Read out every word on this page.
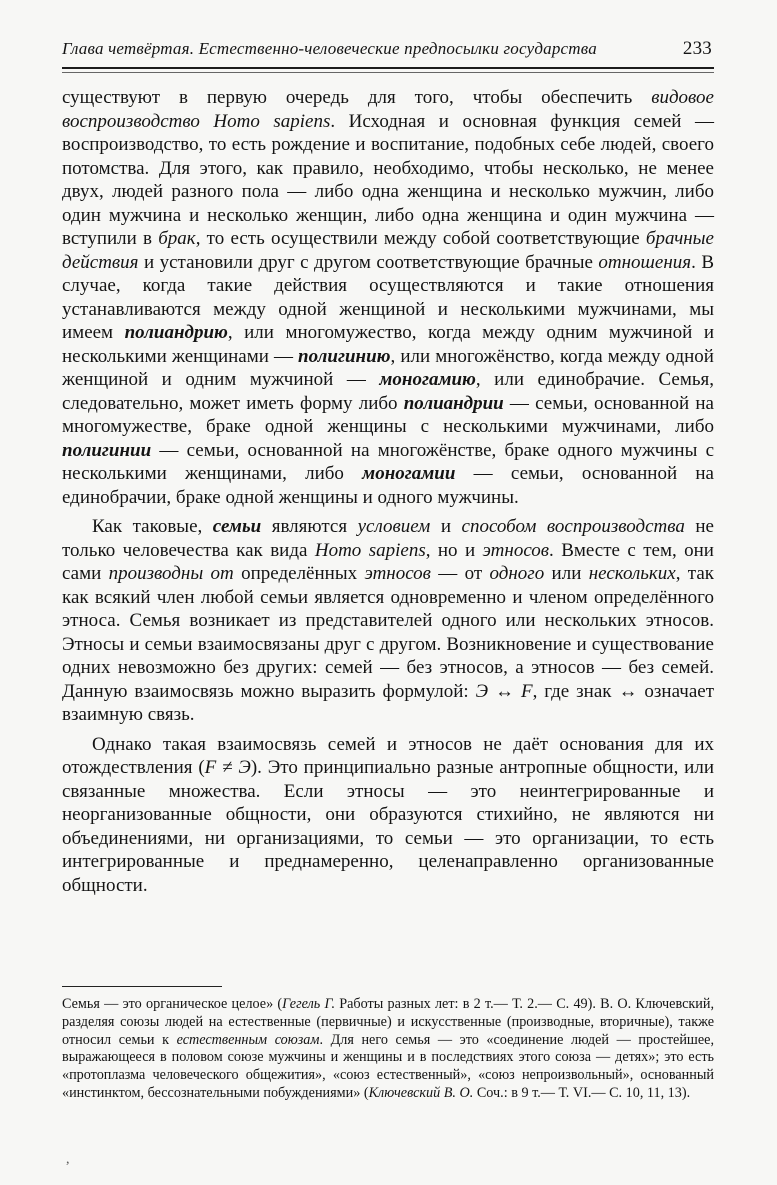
Глава четвёртая. Естественно-человеческие предпосылки государства	233

существуют в первую очередь для того, чтобы обеспечить видовое воспроизводство Homo sapiens. Исходная и основная функция семей — воспроизводство, то есть рождение и воспитание, подобных себе людей, своего потомства. Для этого, как правило, необходимо, чтобы несколько, не менее двух, людей разного пола — либо одна женщина и несколько мужчин, либо один мужчина и несколько женщин, либо одна женщина и один мужчина — вступили в брак, то есть осуществили между собой соответствующие брачные действия и установили друг с другом соответствующие брачные отношения. В случае, когда такие действия осуществляются и такие отношения устанавливаются между одной женщиной и несколькими мужчинами, мы имеем полиандрию, или многомужество, когда между одним мужчиной и несколькими женщинами — полигинию, или многожёнство, когда между одной женщиной и одним мужчиной — моногамию, или единобрачие. Семья, следовательно, может иметь форму либо полиандрии — семьи, основанной на многомужестве, браке одной женщины с несколькими мужчинами, либо полигинии — семьи, основанной на многожёнстве, браке одного мужчины с несколькими женщинами, либо моногамии — семьи, основанной на единобрачии, браке одной женщины и одного мужчины.

Как таковые, семьи являются условием и способом воспроизводства не только человечества как вида Homo sapiens, но и этносов. Вместе с тем, они сами производны от определённых этносов — от одного или нескольких, так как всякий член любой семьи является одновременно и членом определённого этноса. Семья возникает из представителей одного или нескольких этносов. Этносы и семьи взаимосвязаны друг с другом. Возникновение и существование одних невозможно без других: семей — без этносов, а этносов — без семей. Данную взаимосвязь можно выразить формулой: Э ↔ F, где знак ↔ означает взаимную связь.

Однако такая взаимосвязь семей и этносов не даёт основания для их отождествления (F ≠ Э). Это принципиально разные антропные общности, или связанные множества. Если этносы — это неинтегрированные и неорганизованные общности, они образуются стихийно, не являются ни объединениями, ни организациями, то семьи — это организации, то есть интегрированные и преднамеренно, целенаправленно организованные общности.

Семья — это органическое целое» (Гегель Г. Работы разных лет: в 2 т.— Т. 2.— С. 49). В. О. Ключевский, разделяя союзы людей на естественные (первичные) и искусственные (производные, вторичные), также относил семьи к естественным союзам. Для него семья — это «соединение людей — простейшее, выражающееся в половом союзе мужчины и женщины и в последствиях этого союза — детях»; это есть «протоплазма человеческого общежития», «союз естественный», «союз непроизвольный», основанный «инстинктом, бессознательными побуждениями» (Ключевский В. О. Соч.: в 9 т.— Т. VI.— С. 10, 11, 13).
,
